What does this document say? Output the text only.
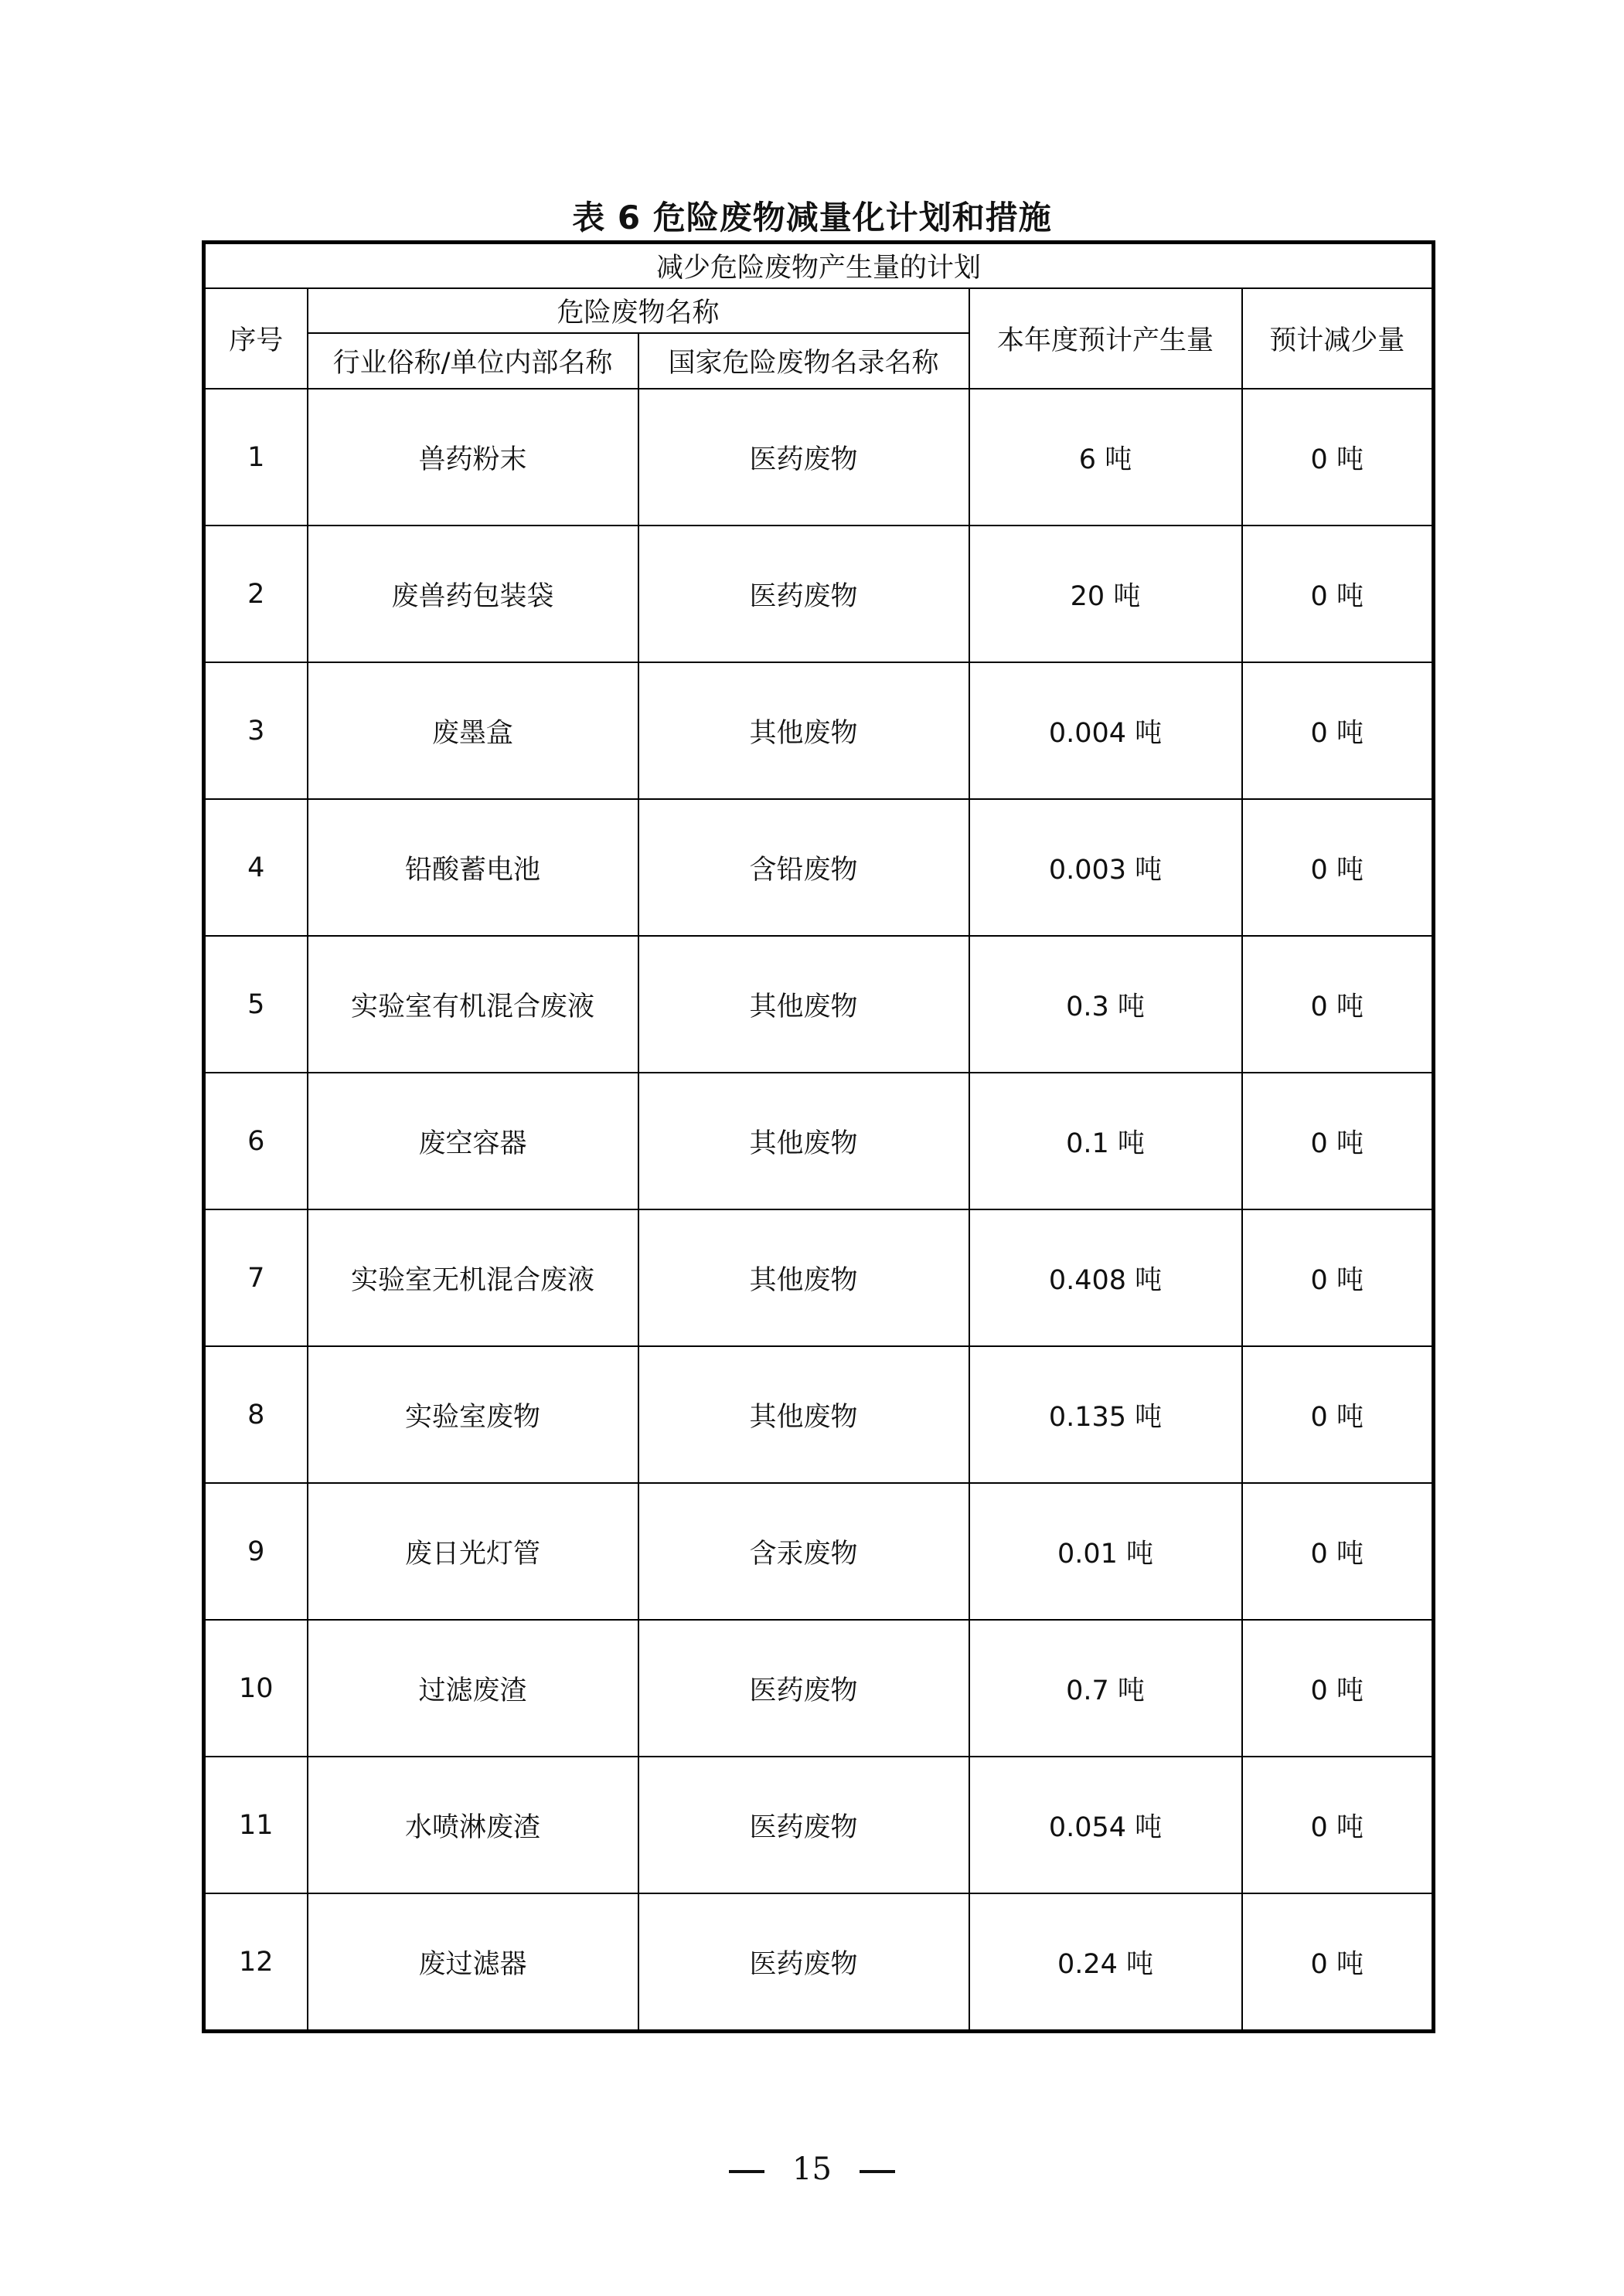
表 6 危险废物减量化计划和措施
减少危险废物产生量的计划				
序号	危险废物名称		本年度预计产生量	预计减少量
	行业俗称/单位内部名称	国家危险废物名录名称		
1	兽药粉末	医药废物	6 吨	0 吨
2	废兽药包装袋	医药废物	20 吨	0 吨
3	废墨盒	其他废物	0.004 吨	0 吨
4	铅酸蓄电池	含铅废物	0.003 吨	0 吨
5	实验室有机混合废液	其他废物	0.3 吨	0 吨
6	废空容器	其他废物	0.1 吨	0 吨
7	实验室无机混合废液	其他废物	0.408 吨	0 吨
8	实验室废物	其他废物	0.135 吨	0 吨
9	废日光灯管	含汞废物	0.01 吨	0 吨
10	过滤废渣	医药废物	0.7 吨	0 吨
11	水喷淋废渣	医药废物	0.054 吨	0 吨
12	废过滤器	医药废物	0.24 吨	0 吨
15
